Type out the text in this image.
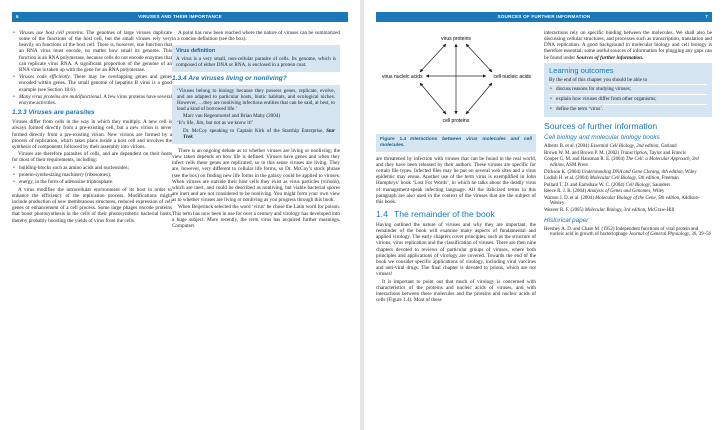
6	VIRUSES AND THEIR IMPORTANCE
• Viruses use host cell proteins. The genomes of large viruses duplicate some of the functions of the host cell, but the small viruses rely very heavily on functions of the host cell. There is, however, one function that an RNA virus must encode, no matter how small its genome. This function is an RNA polymerase, because cells do not encode enzymes that can replicate virus RNA. A significant proportion of the genome of an RNA virus is taken up with the gene for an RNA polymerase.
• Viruses code efficiently. There may be overlapping genes and genes encoded within genes. The small genome of hepatitis B virus is a good example (see Section 18.6).
• Many virus proteins are multifunctional. A few virus proteins have several enzyme activities.
1.3.3 Viruses are parasites

Viruses differ from cells in the way in which they multiply. A new cell is always formed directly from a pre-existing cell, but a new virion is never formed directly from a pre-existing virion. New virions are formed by a process of replication, which takes place inside a host cell and involves the synthesis of components followed by their assembly into virions.

Viruses are therefore parasites of cells, and are dependent on their hosts for most of their requirements, including:

• building-blocks such as amino acids and nucleosides;
• protein-synthesizing machinery (ribosomes);
• energy, in the form of adenosine triphosphate.

A virus modifies the intracellular environment of its host in order to enhance the efficiency of the replication process. Modifications might include production of new membranous structures, reduced expression of cell genes or enhancement of a cell process. Some large phages encode proteins that boost photosynthesis in the cells of their photosynthetic bacterial hosts, thereby probably boosting the yields of virus from the cells.

A point has now been reached where the nature of viruses can be summarized in a concise definition (see the box).

Virus definition
A virus is a very small, non-cellular parasite of cells. Its genome, which is composed of either DNA or RNA, is enclosed in a protein coat.
1.3.4 Are viruses living or nonliving?

‘Viruses belong to biology because they possess genes, replicate, evolve, and are adapted to particular hosts, biotic habitats, and ecological niches. However, …they are nonliving infectious entities that can be said, at best, to lead a kind of borrowed life.’

Marc van Regenmortel and Brian Mahy (2004)

‘It’s life, Jim, but not as we know it!’

Dr. McCoy speaking to Captain Kirk of the Starship Enterprise, Star Trek

There is an ongoing debate as to whether viruses are living or nonliving; the view taken depends on how life is defined. Viruses have genes and when they infect cells these genes are replicated, so in this sense viruses are living. They are, however, very different to cellular life forms, so Dr. McCoy’s stock phrase (see the box) on finding new life forms in the galaxy could be applied to viruses. When viruses are outside their host cells they exist as virus particles (virions), which are inert, and could be described as nonliving, but viable bacterial spores are inert and are not considered to be nonliving. You might form your own view as to whether viruses are living or nonliving as you progress through this book.

When Beijerinck selected the word ‘virus’ he chose the Latin word for poison. This term has now been in use for over a century and virology has developed into a huge subject. More recently, the term virus has acquired further meanings. Computers

SOURCES OF FURTHER INFORMATION	7
virus proteins
virus nucleic acids	cell nucleic acids
cell proteins
Figure 1.4 Interactions between virus molecules and cell molecules.

are threatened by infection with viruses that can be found in the real world, and they have been released by their authors. These viruses are specific for certain file types. Infected files may be put on several web sites and a virus epidemic may ensue. Another use of the term virus is exemplified in John Humphrys’ book ‘Lost For Words’, in which he talks about the deadly virus of management-speak infecting language. All the italicized terms in this paragraph are also used in the context of the viruses that are the subject of this book.

1.4 The remainder of the book

Having outlined the nature of viruses and why they are important, the remainder of the book will examine many aspects of fundamental and applied virology. The early chapters cover principles, such as the structure of virions, virus replication and the classification of viruses. There are then nine chapters devoted to reviews of particular groups of viruses, where both principles and applications of virology are covered. Towards the end of the book we consider specific applications of virology, including viral vaccines and anti-viral drugs. The final chapter is devoted to prions, which are not viruses!

It is important to point out that much of virology is concerned with characteristics of the proteins and nucleic acids of viruses, and with interactions between these molecules and the proteins and nucleic acids of cells (Figure 1.4). Most of these

interactions rely on specific binding between the molecules. We shall also be discussing cellular structures, and processes such as transcription, translation and DNA replication. A good background in molecular biology and cell biology is therefore essential; some useful sources of information for plugging any gaps can be found under Sources of further information.

Learning outcomes
By the end of this chapter you should be able to
• discuss reasons for studying viruses;
• explain how viruses differ from other organisms;
• define the term ‘virus’.
Sources of further information
Cell biology and molecular biology books
Alberts B. et al. (2004) Essential Cell Biology, 2nd edition, Garland
Brown W. M. and Brown P. M. (2002) Transcription, Taylor and Francis
Cooper G. M. and Hausman R. E. (2004) The Cell: a Molecular Approach, 3rd edition, ASM Press
Dickson K. (2004) Understanding DNA and Gene Cloning, 4th edition, Wiley
Lodish H. et al. (2004) Molecular Cell Biology, 5th edition, Freeman
Pollard T. D. and Earnshaw W. C. (2004) Cell Biology, Saunders
Reece R. J. R. (2004) Analysis of Genes and Genomes, Wiley
Watson J. D. et al. (2004) Molecular Biology of the Gene, 5th edition, Addison-Wesley
Weaver R. F. (2005) Molecular Biology, 3rd edition, McGraw-Hill
Historical paper
Hershey A. D. and Chase M. (1952) Independent functions of viral protein and nucleic acid in growth of bacteriophage Journal of General Physiology, 36, 39–56
